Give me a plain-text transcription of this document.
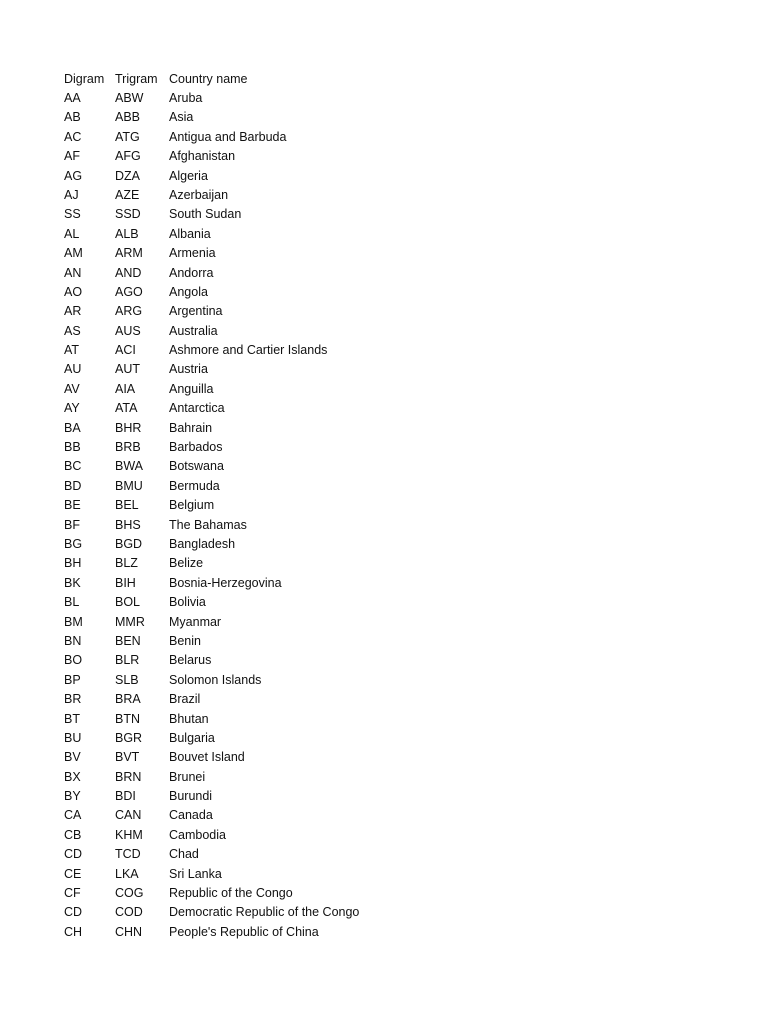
Digram Trigram Country name
AA	ABW	Aruba
AB	ABB	Asia
AC	ATG	Antigua and Barbuda
AF	AFG	Afghanistan
AG	DZA	Algeria
AJ	AZE	Azerbaijan
SS	SSD	South Sudan
AL	ALB	Albania
AM	ARM	Armenia
AN	AND	Andorra
AO	AGO	Angola
AR	ARG	Argentina
AS	AUS	Australia
AT	ACI	Ashmore and Cartier Islands
AU	AUT	Austria
AV	AIA	Anguilla
AY	ATA	Antarctica
BA	BHR	Bahrain
BB	BRB	Barbados
BC	BWA	Botswana
BD	BMU	Bermuda
BE	BEL	Belgium
BF	BHS	The Bahamas
BG	BGD	Bangladesh
BH	BLZ	Belize
BK	BIH	Bosnia-Herzegovina
BL	BOL	Bolivia
BM	MMR	Myanmar
BN	BEN	Benin
BO	BLR	Belarus
BP	SLB	Solomon Islands
BR	BRA	Brazil
BT	BTN	Bhutan
BU	BGR	Bulgaria
BV	BVT	Bouvet Island
BX	BRN	Brunei
BY	BDI	Burundi
CA	CAN	Canada
CB	KHM	Cambodia
CD	TCD	Chad
CE	LKA	Sri Lanka
CF	COG	Republic of the Congo
CD	COD	Democratic Republic of the Congo
CH	CHN	People's Republic of China
